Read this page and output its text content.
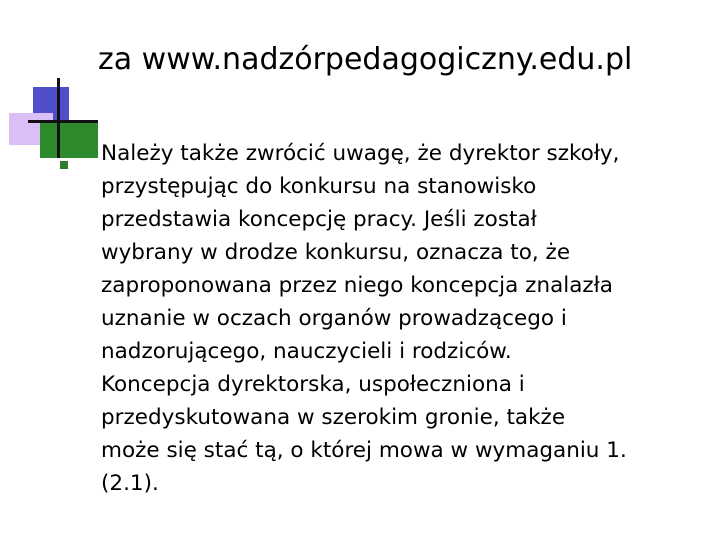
za www.nadzórpedagogiczny.edu.pl

Należy także zwrócić uwagę, że dyrektor szkoły,
przystępując do konkursu na stanowisko
przedstawia koncepcję pracy. Jeśli został
wybrany w drodze konkursu, oznacza to, że
zaproponowana przez niego koncepcja znalazła
uznanie w oczach organów prowadzącego i
nadzorującego, nauczycieli i rodziców.
Koncepcja dyrektorska, uspołeczniona i
przedyskutowana w szerokim gronie, także
może się stać tą, o której mowa w wymaganiu 1.
(2.1).
